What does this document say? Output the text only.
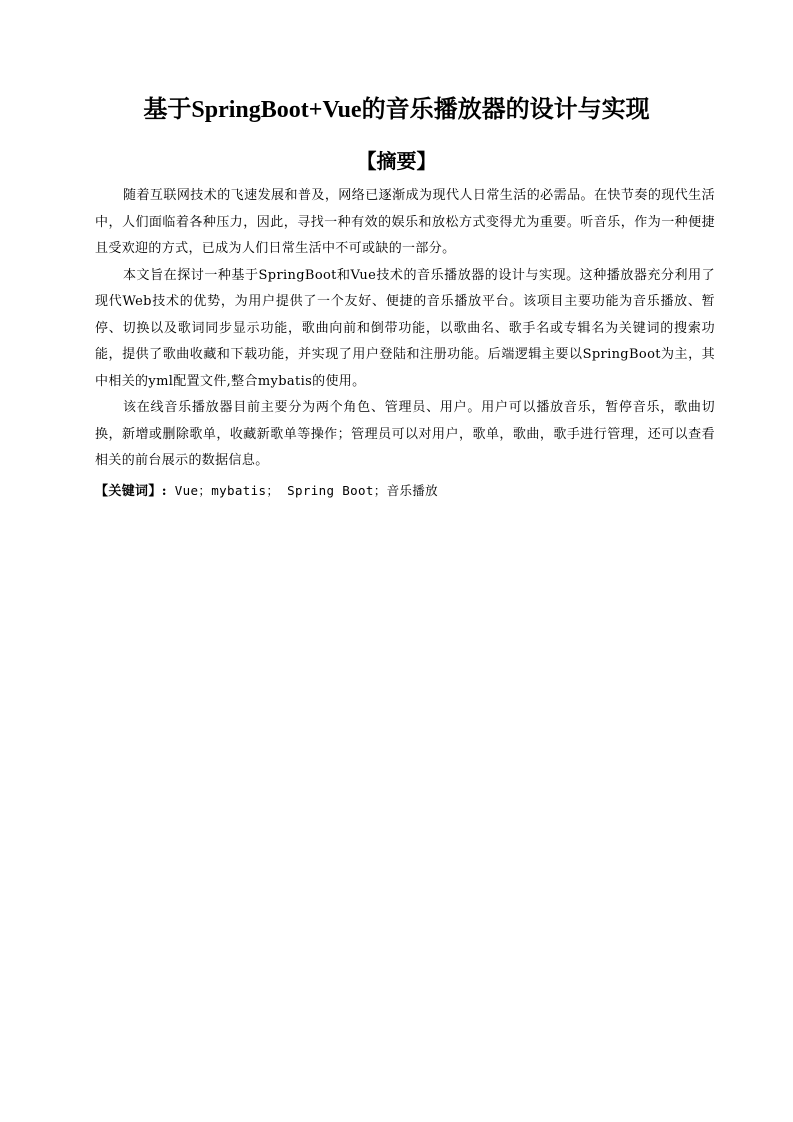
基于SpringBoot+Vue的音乐播放器的设计与实现
【摘要】

随着互联网技术的飞速发展和普及，网络已逐渐成为现代人日常生活的必需品。在快节奏的现代生活中，人们面临着各种压力，因此，寻找一种有效的娱乐和放松方式变得尤为重要。听音乐，作为一种便捷且受欢迎的方式，已成为人们日常生活中不可或缺的一部分。

本文旨在探讨一种基于SpringBoot和Vue技术的音乐播放器的设计与实现。这种播放器充分利用了现代Web技术的优势，为用户提供了一个友好、便捷的音乐播放平台。该项目主要功能为音乐播放、暂停、切换以及歌词同步显示功能，歌曲向前和倒带功能，以歌曲名、歌手名或专辑名为关键词的搜索功能，提供了歌曲收藏和下载功能，并实现了用户登陆和注册功能。后端逻辑主要以SpringBoot为主，其中相关的yml配置文件,整合mybatis的使用。

该在线音乐播放器目前主要分为两个角色、管理员、用户。用户可以播放音乐，暂停音乐，歌曲切换，新增或删除歌单，收藏新歌单等操作；管理员可以对用户，歌单，歌曲，歌手进行管理，还可以查看相关的前台展示的数据信息。

【关键词】: Vue；mybatis； Spring Boot；音乐播放
